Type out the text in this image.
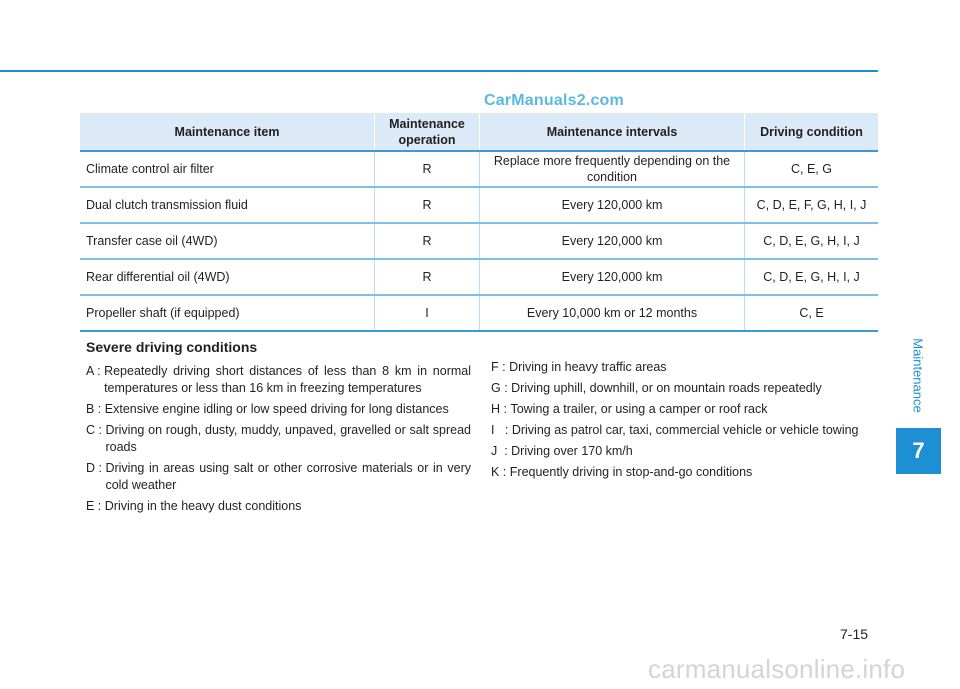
CarManuals2.com
Maintenance item	Maintenance operation	Maintenance intervals	Driving condition
Climate control air filter	R	Replace more frequently depending on the condition	C, E, G
Dual clutch transmission fluid	R	Every 120,000 km	C, D, E, F, G, H, I, J
Transfer case oil (4WD)	R	Every 120,000 km	C, D, E, G, H, I, J
Rear differential oil (4WD)	R	Every 120,000 km	C, D, E, G, H, I, J
Propeller shaft (if equipped)	I	Every 10,000 km or 12 months	C, E
Severe driving conditions
A : Repeatedly driving short distances of less than 8 km in normal temperatures or less than 16 km in freezing temperatures
B : Extensive engine idling or low speed driving for long distances
C : Driving on rough, dusty, muddy, unpaved, gravelled or salt spread roads
D : Driving in areas using salt or other corrosive materials or in very cold weather
E : Driving in the heavy dust conditions
F : Driving in heavy traffic areas
G : Driving uphill, downhill, or on mountain roads repeatedly
H : Towing a trailer, or using a camper or roof rack
I   : Driving as patrol car, taxi, commercial vehicle or vehicle towing
J  : Driving over 170 km/h
K : Frequently driving in stop-and-go conditions
Maintenance
7
7-15
carmanualsonline.info
